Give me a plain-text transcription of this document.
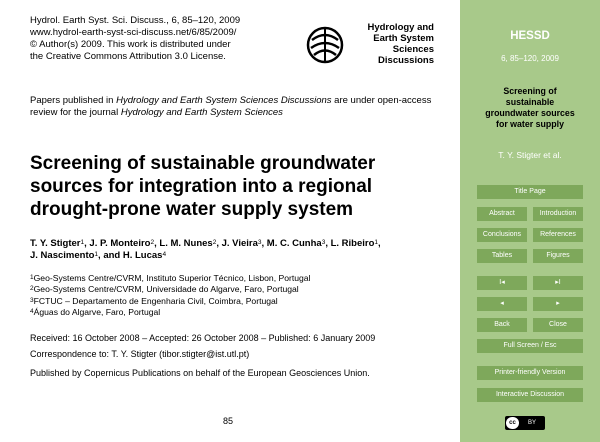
Hydrol. Earth Syst. Sci. Discuss., 6, 85–120, 2009
www.hydrol-earth-syst-sci-discuss.net/6/85/2009/
© Author(s) 2009. This work is distributed under
the Creative Commons Attribution 3.0 License.
Hydrology and
Earth System
Sciences
Discussions
Papers published in Hydrology and Earth System Sciences Discussions are under open-access review for the journal Hydrology and Earth System Sciences
Screening of sustainable groundwater
sources for integration into a regional
drought-prone water supply system
T. Y. Stigter$^1$, J. P. Monteiro$^2$, L. M. Nunes$^2$, J. Vieira$^3$, M. C. Cunha$^3$, L. Ribeiro$^1$,
J. Nascimento$^1$, and H. Lucas$^4$
$^1$Geo-Systems Centre/CVRM, Instituto Superior Técnico, Lisbon, Portugal
$^2$Geo-Systems Centre/CVRM, Universidade do Algarve, Faro, Portugal
$^3$FCTUC – Departamento de Engenharia Civil, Coimbra, Portugal
$^4$Águas do Algarve, Faro, Portugal
Received: 16 October 2008 – Accepted: 26 October 2008 – Published: 6 January 2009
Correspondence to: T. Y. Stigter (tibor.stigter@ist.utl.pt)
Published by Copernicus Publications on behalf of the European Geosciences Union.
85
HESSD
6, 85–120, 2009
Screening of
sustainable
groundwater sources
for water supply
T. Y. Stigter et al.
Title Page
Abstract	Introduction
Conclusions	References
Tables	Figures
I◂	▸I
◂	▸
Back	Close
Full Screen / Esc
Printer-friendly Version
Interactive Discussion
cc	BY
